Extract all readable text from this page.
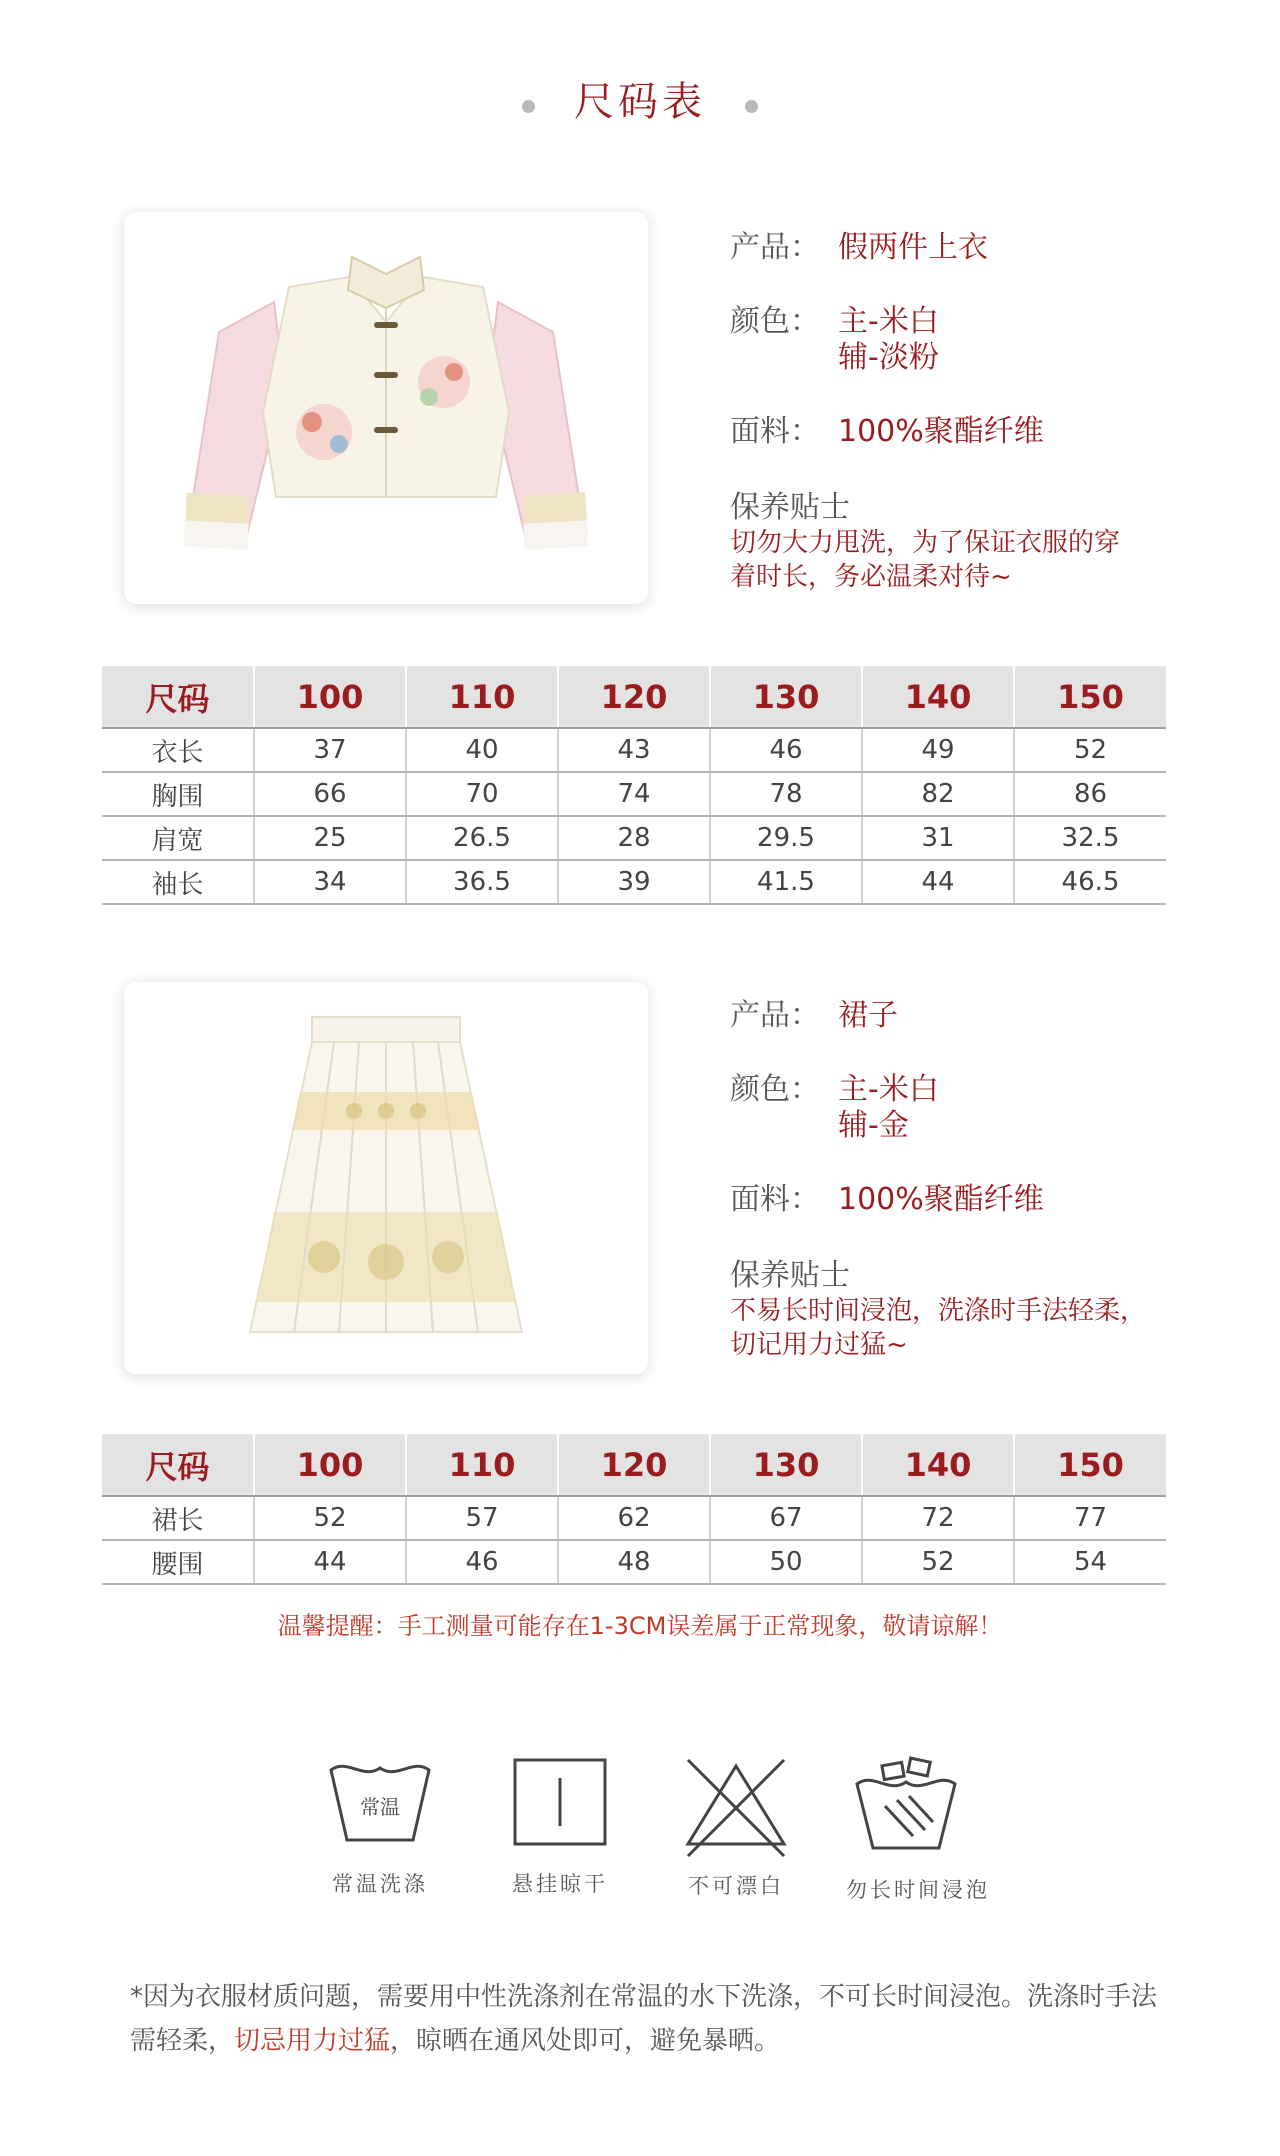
尺码表
产品： 假两件上衣
颜色： 主-米白
辅-淡粉
面料： 100%聚酯纤维
保养贴士
切勿大力甩洗，为了保证衣服的穿
着时长，务必温柔对待~
尺码	100	110	120	130	140	150
衣长	37	40	43	46	49	52
胸围	66	70	74	78	82	86
肩宽	25	26.5	28	29.5	31	32.5
袖长	34	36.5	39	41.5	44	46.5
产品： 裙子
颜色： 主-米白
辅-金
面料： 100%聚酯纤维
保养贴士
不易长时间浸泡，洗涤时手法轻柔，
切记用力过猛~
尺码	100	110	120	130	140	150
裙长	52	57	62	67	72	77
腰围	44	46	48	50	52	54
温馨提醒：手工测量可能存在1-3CM误差属于正常现象，敬请谅解！
常温
常温洗涤	悬挂晾干	不可漂白	勿长时间浸泡
*因为衣服材质问题，需要用中性洗涤剂在常温的水下洗涤，不可长时间浸泡。洗涤时手法需轻柔，切忌用力过猛，晾晒在通风处即可，避免暴晒。
